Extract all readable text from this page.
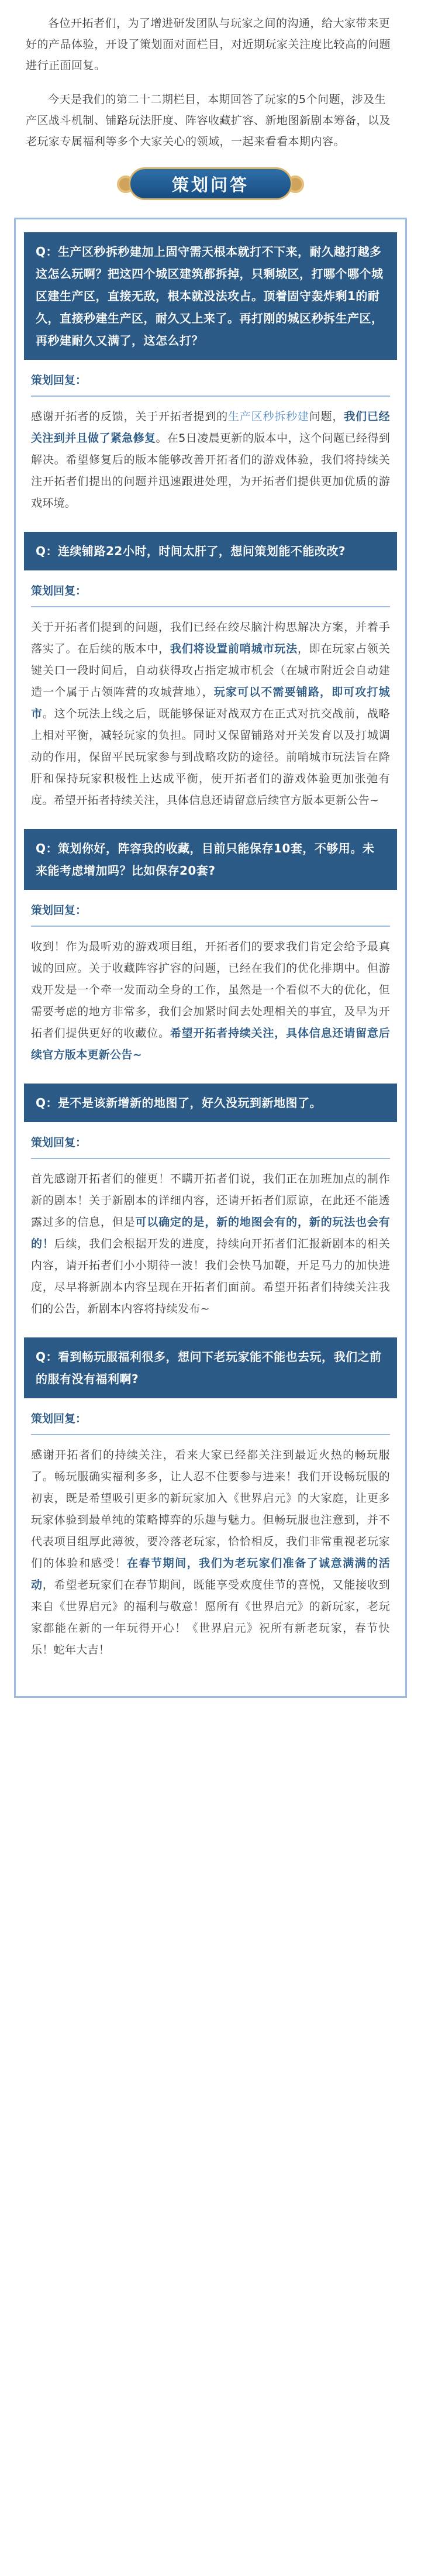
各位开拓者们，为了增进研发团队与玩家之间的沟通，给大家带来更好的产品体验，开设了策划面对面栏目，对近期玩家关注度比较高的问题进行正面回复。

今天是我们的第二十二期栏目，本期回答了玩家的5个问题，涉及生产区战斗机制、铺路玩法肝度、阵容收藏扩容、新地图新剧本筹备，以及老玩家专属福利等多个大家关心的领域，一起来看看本期内容。

策划问答
Q：生产区秒拆秒建加上固守需天根本就打不下来，耐久越打越多这怎么玩啊？把这四个城区建筑都拆掉，只剩城区，打哪个哪个城区建生产区，直接无敌，根本就没法攻占。顶着固守轰炸剩1的耐久，直接秒建生产区，耐久又上来了。再打刚的城区秒拆生产区，再秒建耐久又满了，这怎么打？
策划回复：
感谢开拓者的反馈，关于开拓者提到的生产区秒拆秒建问题，我们已经关注到并且做了紧急修复。在5日凌晨更新的版本中，这个问题已经得到解决。希望修复后的版本能够改善开拓者们的游戏体验，我们将持续关注开拓者们提出的问题并迅速跟进处理，为开拓者们提供更加优质的游戏环境。
Q：连续铺路22小时，时间太肝了，想问策划能不能改改?
策划回复：
关于开拓者们提到的问题，我们已经在绞尽脑汁构思解决方案，并着手落实了。在后续的版本中，我们将设置前哨城市玩法，即在玩家占领关键关口一段时间后，自动获得攻占指定城市机会（在城市附近会自动建造一个属于占领阵营的攻城营地），玩家可以不需要铺路，即可攻打城市。这个玩法上线之后，既能够保证对战双方在正式对抗交战前，战略上相对平衡，减轻玩家的负担。同时又保留铺路对开关发育以及打城调动的作用，保留平民玩家参与到战略攻防的途径。前哨城市玩法旨在降肝和保持玩家积极性上达成平衡，使开拓者们的游戏体验更加张弛有度。希望开拓者持续关注，具体信息还请留意后续官方版本更新公告~
Q：策划你好，阵容我的收藏，目前只能保存10套，不够用。未来能考虑增加吗？比如保存20套?
策划回复：
收到！作为最听劝的游戏项目组，开拓者们的要求我们肯定会给予最真诚的回应。关于收藏阵容扩容的问题，已经在我们的优化排期中。但游戏开发是一个牵一发而动全身的工作，虽然是一个看似不大的优化，但需要考虑的地方非常多，我们会加紧时间去处理相关的事宜，及早为开拓者们提供更好的收藏位。希望开拓者持续关注，具体信息还请留意后续官方版本更新公告~
Q：是不是该新增新的地图了，好久没玩到新地图了。
策划回复：
首先感谢开拓者们的催更！不瞒开拓者们说，我们正在加班加点的制作新的剧本！关于新剧本的详细内容，还请开拓者们原谅，在此还不能透露过多的信息，但是可以确定的是，新的地图会有的，新的玩法也会有的！后续，我们会根据开发的进度，持续向开拓者们汇报新剧本的相关内容，请开拓者们小小期待一波！我们会快马加鞭，开足马力的加快进度，尽早将新剧本内容呈现在开拓者们面前。希望开拓者们持续关注我们的公告，新剧本内容将持续发布~
Q：看到畅玩服福利很多，想问下老玩家能不能也去玩，我们之前的服有没有福利啊?
策划回复：
感谢开拓者们的持续关注，看来大家已经都关注到最近火热的畅玩服了。畅玩服确实福利多多，让人忍不住要参与进来！我们开设畅玩服的初衷，既是希望吸引更多的新玩家加入《世界启元》的大家庭，让更多玩家体验到最单纯的策略博弈的乐趣与魅力。但畅玩服也注意到，并不代表项目组厚此薄彼，要冷落老玩家，恰恰相反，我们非常重视老玩家们的体验和感受！在春节期间，我们为老玩家们准备了诚意满满的活动，希望老玩家们在春节期间，既能享受欢度佳节的喜悦，又能接收到来自《世界启元》的福利与敬意！愿所有《世界启元》的新玩家，老玩家都能在新的一年玩得开心！《世界启元》祝所有新老玩家，春节快乐！蛇年大吉！
